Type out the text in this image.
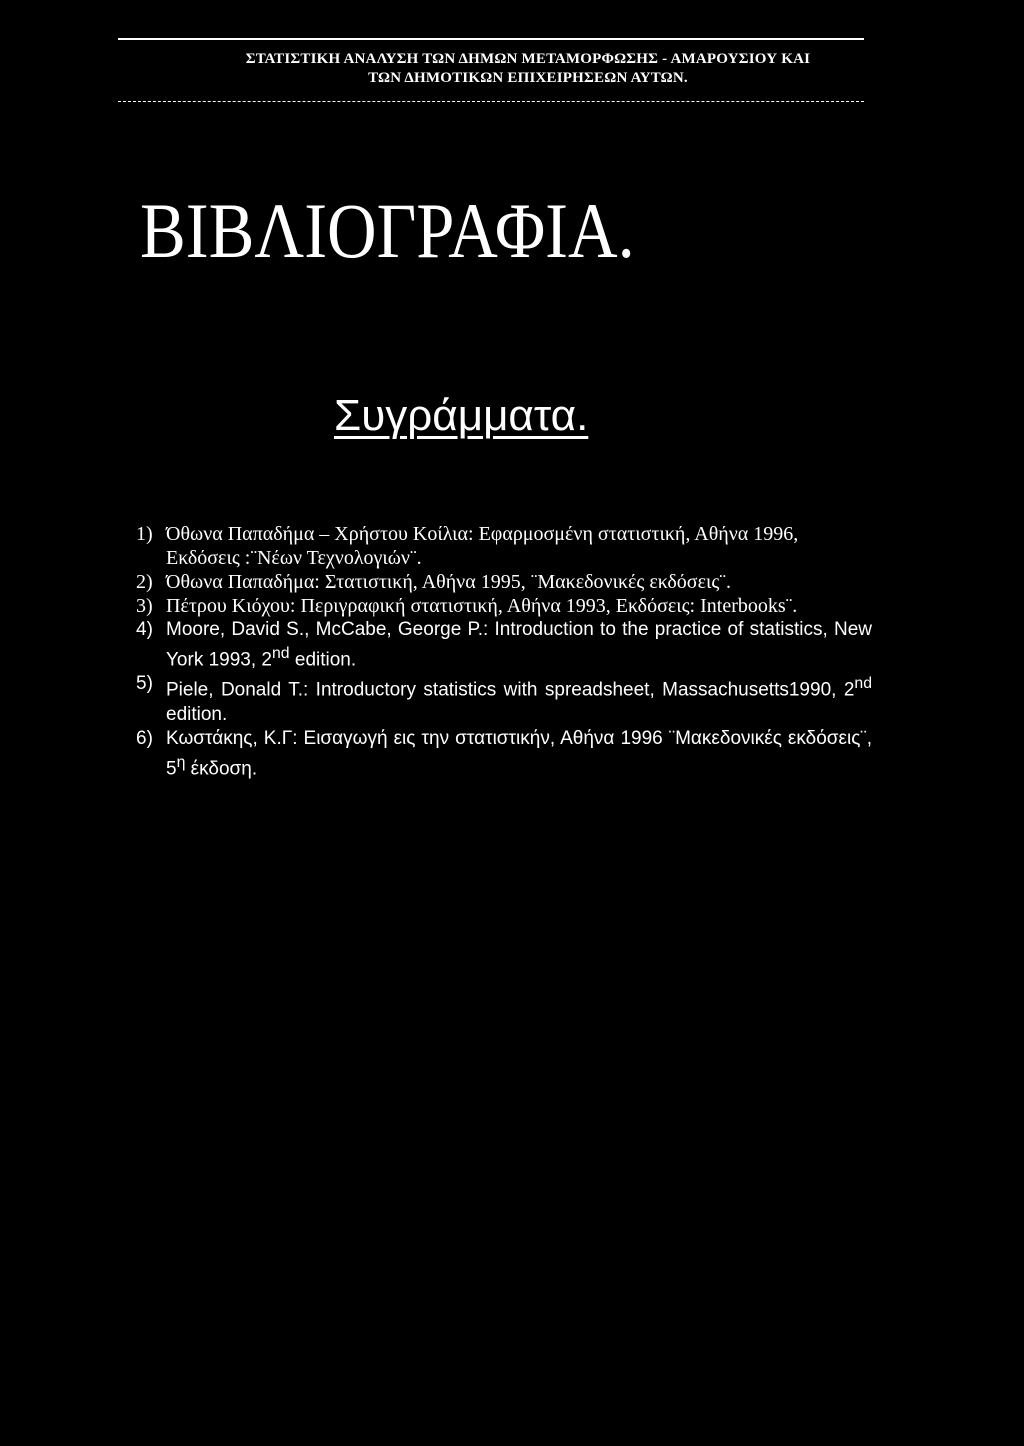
ΣΤΑΤΙΣΤΙΚΗ ΑΝΑΛΥΣΗ ΤΩΝ ΔΗΜΩΝ ΜΕΤΑΜΟΡΦΩΣΗΣ - ΑΜΑΡΟΥΣΙΟΥ ΚΑΙ
ΤΩΝ ΔΗΜΟΤΙΚΩΝ ΕΠΙΧΕΙΡΗΣΕΩΝ ΑΥΤΩΝ.
ΒΙΒΛΙΟΓΡΑΦΙΑ.
Συγράμματα.
1) Όθωνα Παπαδήμα – Χρήστου Κοίλια: Εφαρμοσμένη στατιστική, Αθήνα 1996, Εκδόσεις :¨Νέων Τεχνολογιών¨.
2) Όθωνα Παπαδήμα: Στατιστική, Αθήνα 1995, ¨Μακεδονικές εκδόσεις¨.
3) Πέτρου Κιόχου: Περιγραφική στατιστική, Αθήνα 1993, Εκδόσεις: Interbooks¨.
4) Moore, David S., McCabe, George P.: Introduction to the practice of statistics, New York 1993, 2nd edition.
5) Piele, Donald T.: Introductory statistics with spreadsheet, Massachusetts1990, 2nd edition.
6) Κωστάκης, Κ.Γ: Εισαγωγή εις την στατιστικήν, Αθήνα 1996 ¨Μακεδονικές εκδόσεις¨, $5^\eta$ έκδοση.
